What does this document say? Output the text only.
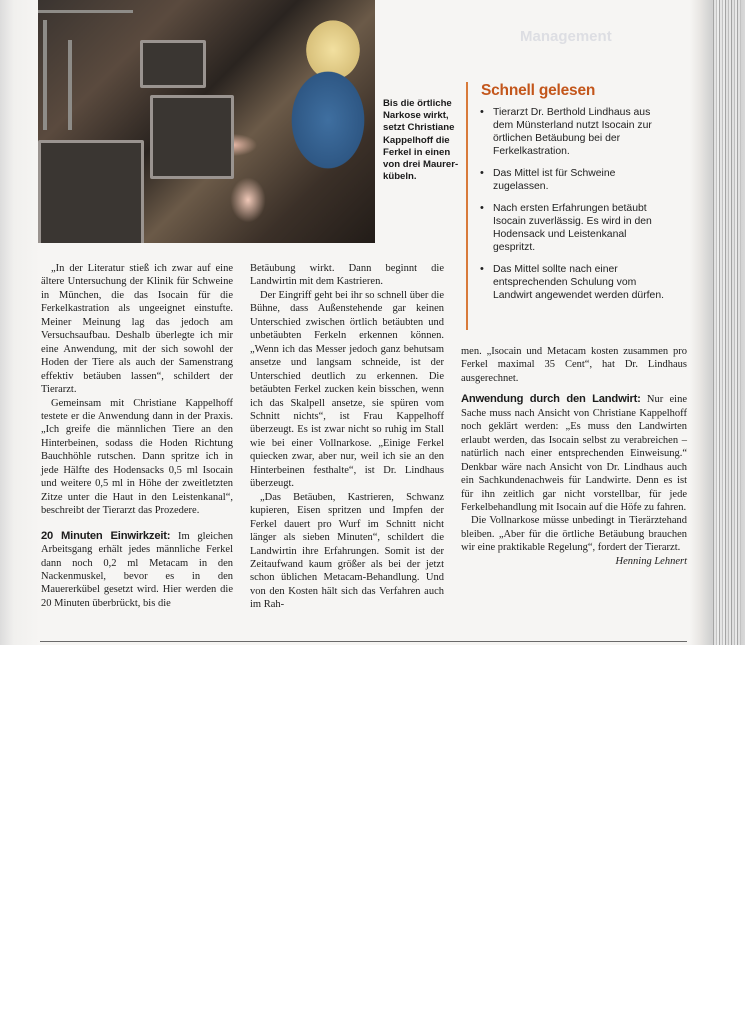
Management
Bis die örtliche Narkose wirkt, setzt Christiane Kappelhoff die Ferkel in einen von drei Maurer-kübeln.
Schnell gelesen
• Tierarzt Dr. Berthold Lindhaus aus dem Münsterland nutzt Isocain zur örtlichen Betäubung bei der Ferkelkastration.
• Das Mittel ist für Schweine zugelassen.
• Nach ersten Erfahrungen betäubt Isocain zuverlässig. Es wird in den Hodensack und Leistenkanal gespritzt.
• Das Mittel sollte nach einer entsprechenden Schulung vom Landwirt angewendet werden dürfen.

„In der Literatur stieß ich zwar auf eine ältere Untersuchung der Klinik für Schweine in München, die das Isocain für die Ferkelkastration als ungeeignet einstufte. Meiner Meinung lag das jedoch am Versuchsaufbau. Deshalb überlegte ich mir eine Anwendung, mit der sich sowohl der Hoden der Tiere als auch der Samenstrang effektiv betäuben lassen“, schildert der Tierarzt.

Gemeinsam mit Christiane Kappelhoff testete er die Anwendung dann in der Praxis. „Ich greife die männlichen Tiere an den Hinterbeinen, sodass die Hoden Richtung Bauchhöhle rutschen. Dann spritze ich in jede Hälfte des Hodensacks 0,5 ml Isocain und weitere 0,5 ml in Höhe der zweitletzten Zitze unter die Haut in den Leistenkanal“, beschreibt der Tierarzt das Prozedere.

20 Minuten Einwirkzeit: Im gleichen Arbeitsgang erhält jedes männliche Ferkel dann noch 0,2 ml Metacam in den Nackenmuskel, bevor es in den Mauererkübel gesetzt wird. Hier werden die 20 Minuten überbrückt, bis die

Betäubung wirkt. Dann beginnt die Landwirtin mit dem Kastrieren.

Der Eingriff geht bei ihr so schnell über die Bühne, dass Außenstehende gar keinen Unterschied zwischen örtlich betäubten und unbetäubten Ferkeln erkennen können. „Wenn ich das Messer jedoch ganz behutsam ansetze und langsam schneide, ist der Unterschied deutlich zu erkennen. Die betäubten Ferkel zucken kein bisschen, wenn ich das Skalpell ansetze, sie spüren vom Schnitt nichts“, ist Frau Kappelhoff überzeugt. Es ist zwar nicht so ruhig im Stall wie bei einer Vollnarkose. „Einige Ferkel quiecken zwar, aber nur, weil ich sie an den Hinterbeinen festhalte“, ist Dr. Lindhaus überzeugt.

„Das Betäuben, Kastrieren, Schwanz kupieren, Eisen spritzen und Impfen der Ferkel dauert pro Wurf im Schnitt nicht länger als sieben Minuten“, schildert die Landwirtin ihre Erfahrungen. Somit ist der Zeitaufwand kaum größer als bei der jetzt schon üblichen Metacam-Behandlung. Und von den Kosten hält sich das Verfahren auch im Rah-

men. „Isocain und Metacam kosten zusammen pro Ferkel maximal 35 Cent“, hat Dr. Lindhaus ausgerechnet.

Anwendung durch den Landwirt: Nur eine Sache muss nach Ansicht von Christiane Kappelhoff noch geklärt werden: „Es muss den Landwirten erlaubt werden, das Isocain selbst zu verabreichen – natürlich nach einer entsprechenden Einweisung.“ Denkbar wäre nach Ansicht von Dr. Lindhaus auch ein Sachkundenachweis für Landwirte. Denn es ist für ihn zeitlich gar nicht vorstellbar, für jede Ferkelbehandlung mit Isocain auf die Höfe zu fahren.

Die Vollnarkose müsse unbedingt in Tierärztehand bleiben. „Aber für die örtliche Betäubung brauchen wir eine praktikable Regelung“, fordert der Tierarzt.
Henning Lehnert
